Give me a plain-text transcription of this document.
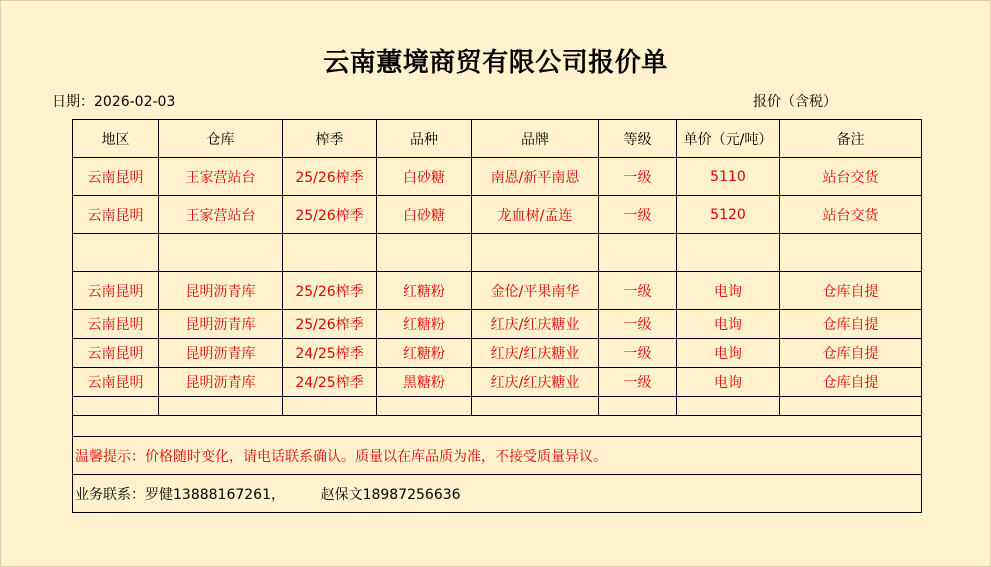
云南蕙境商贸有限公司报价单
日期：2026-02-03	报价（含税）
地区	仓库	榨季	品种	品牌	等级	单价（元/吨）	备注
云南昆明	王家营站台	25/26榨季	白砂糖	南恩/新平南恩	一级	5110	站台交货
云南昆明	王家营站台	25/26榨季	白砂糖	龙血树/孟连	一级	5120	站台交货

云南昆明	昆明沥青库	25/26榨季	红糖粉	金伦/平果南华	一级	电询	仓库自提
云南昆明	昆明沥青库	25/26榨季	红糖粉	红庆/红庆糖业	一级	电询	仓库自提
云南昆明	昆明沥青库	24/25榨季	红糖粉	红庆/红庆糖业	一级	电询	仓库自提
云南昆明	昆明沥青库	24/25榨季	黑糖粉	红庆/红庆糖业	一级	电询	仓库自提

温馨提示：价格随时变化，请电话联系确认。质量以在库品质为准，不接受质量异议。							
业务联系：罗健13888167261，        赵保文18987256636							
